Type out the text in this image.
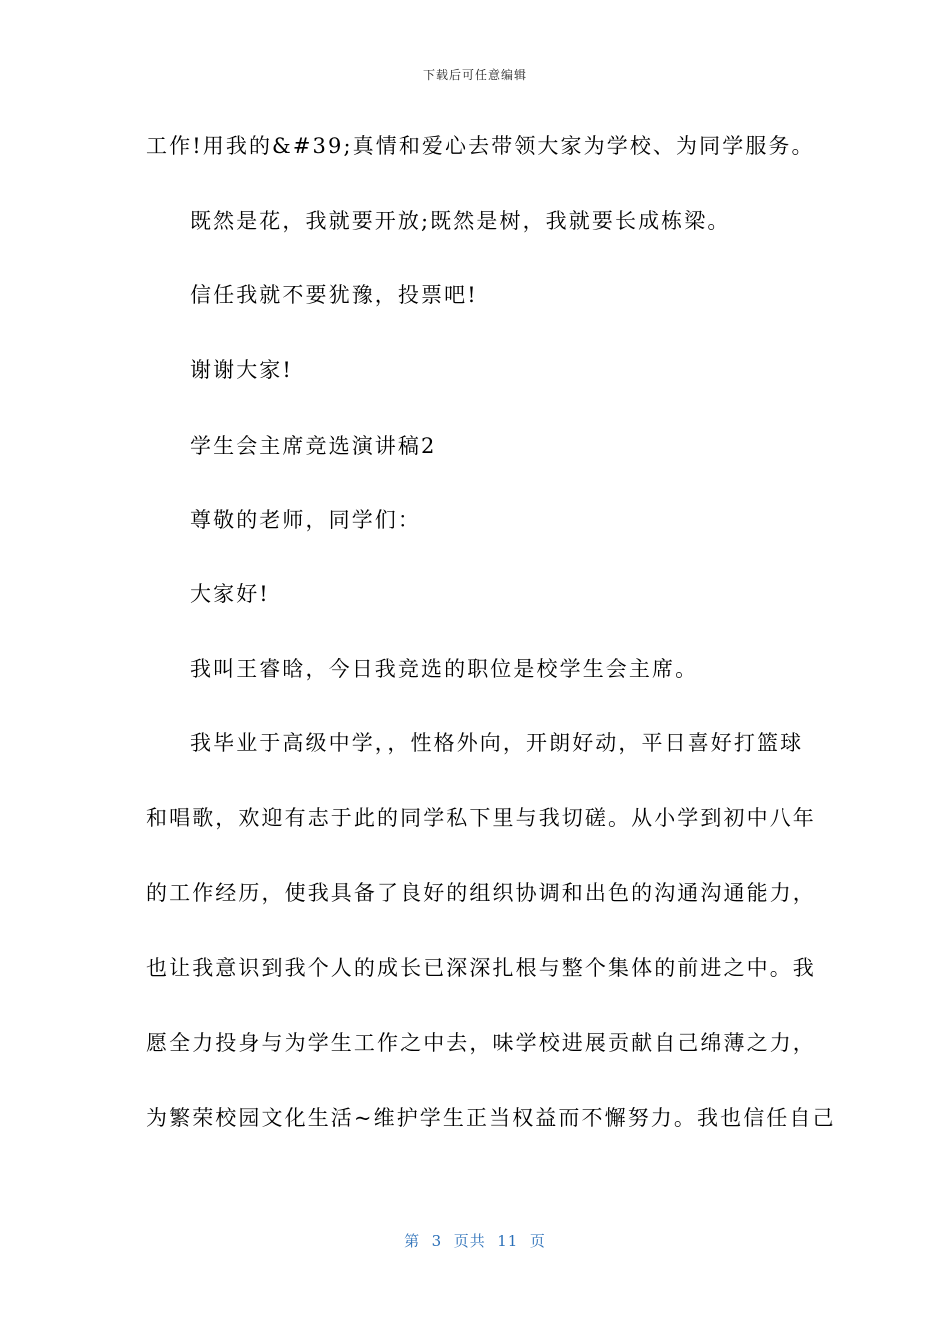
下载后可任意编辑
工作!用我的&#39;真情和爱心去带领大家为学校、为同学服务。
既然是花，我就要开放;既然是树，我就要长成栋梁。
信任我就不要犹豫，投票吧!
谢谢大家!
学生会主席竞选演讲稿2
尊敬的老师，同学们：
大家好!
我叫王睿晗，今日我竞选的职位是校学生会主席。
我毕业于高级中学，，性格外向，开朗好动，平日喜好打篮球
和唱歌，欢迎有志于此的同学私下里与我切磋。从小学到初中八年
的工作经历，使我具备了良好的组织协调和出色的沟通沟通能力，
也让我意识到我个人的成长已深深扎根与整个集体的前进之中。我
愿全力投身与为学生工作之中去，味学校进展贡献自己绵薄之力，
为繁荣校园文化生活~维护学生正当权益而不懈努力。我也信任自己
第  3  页共  11  页
